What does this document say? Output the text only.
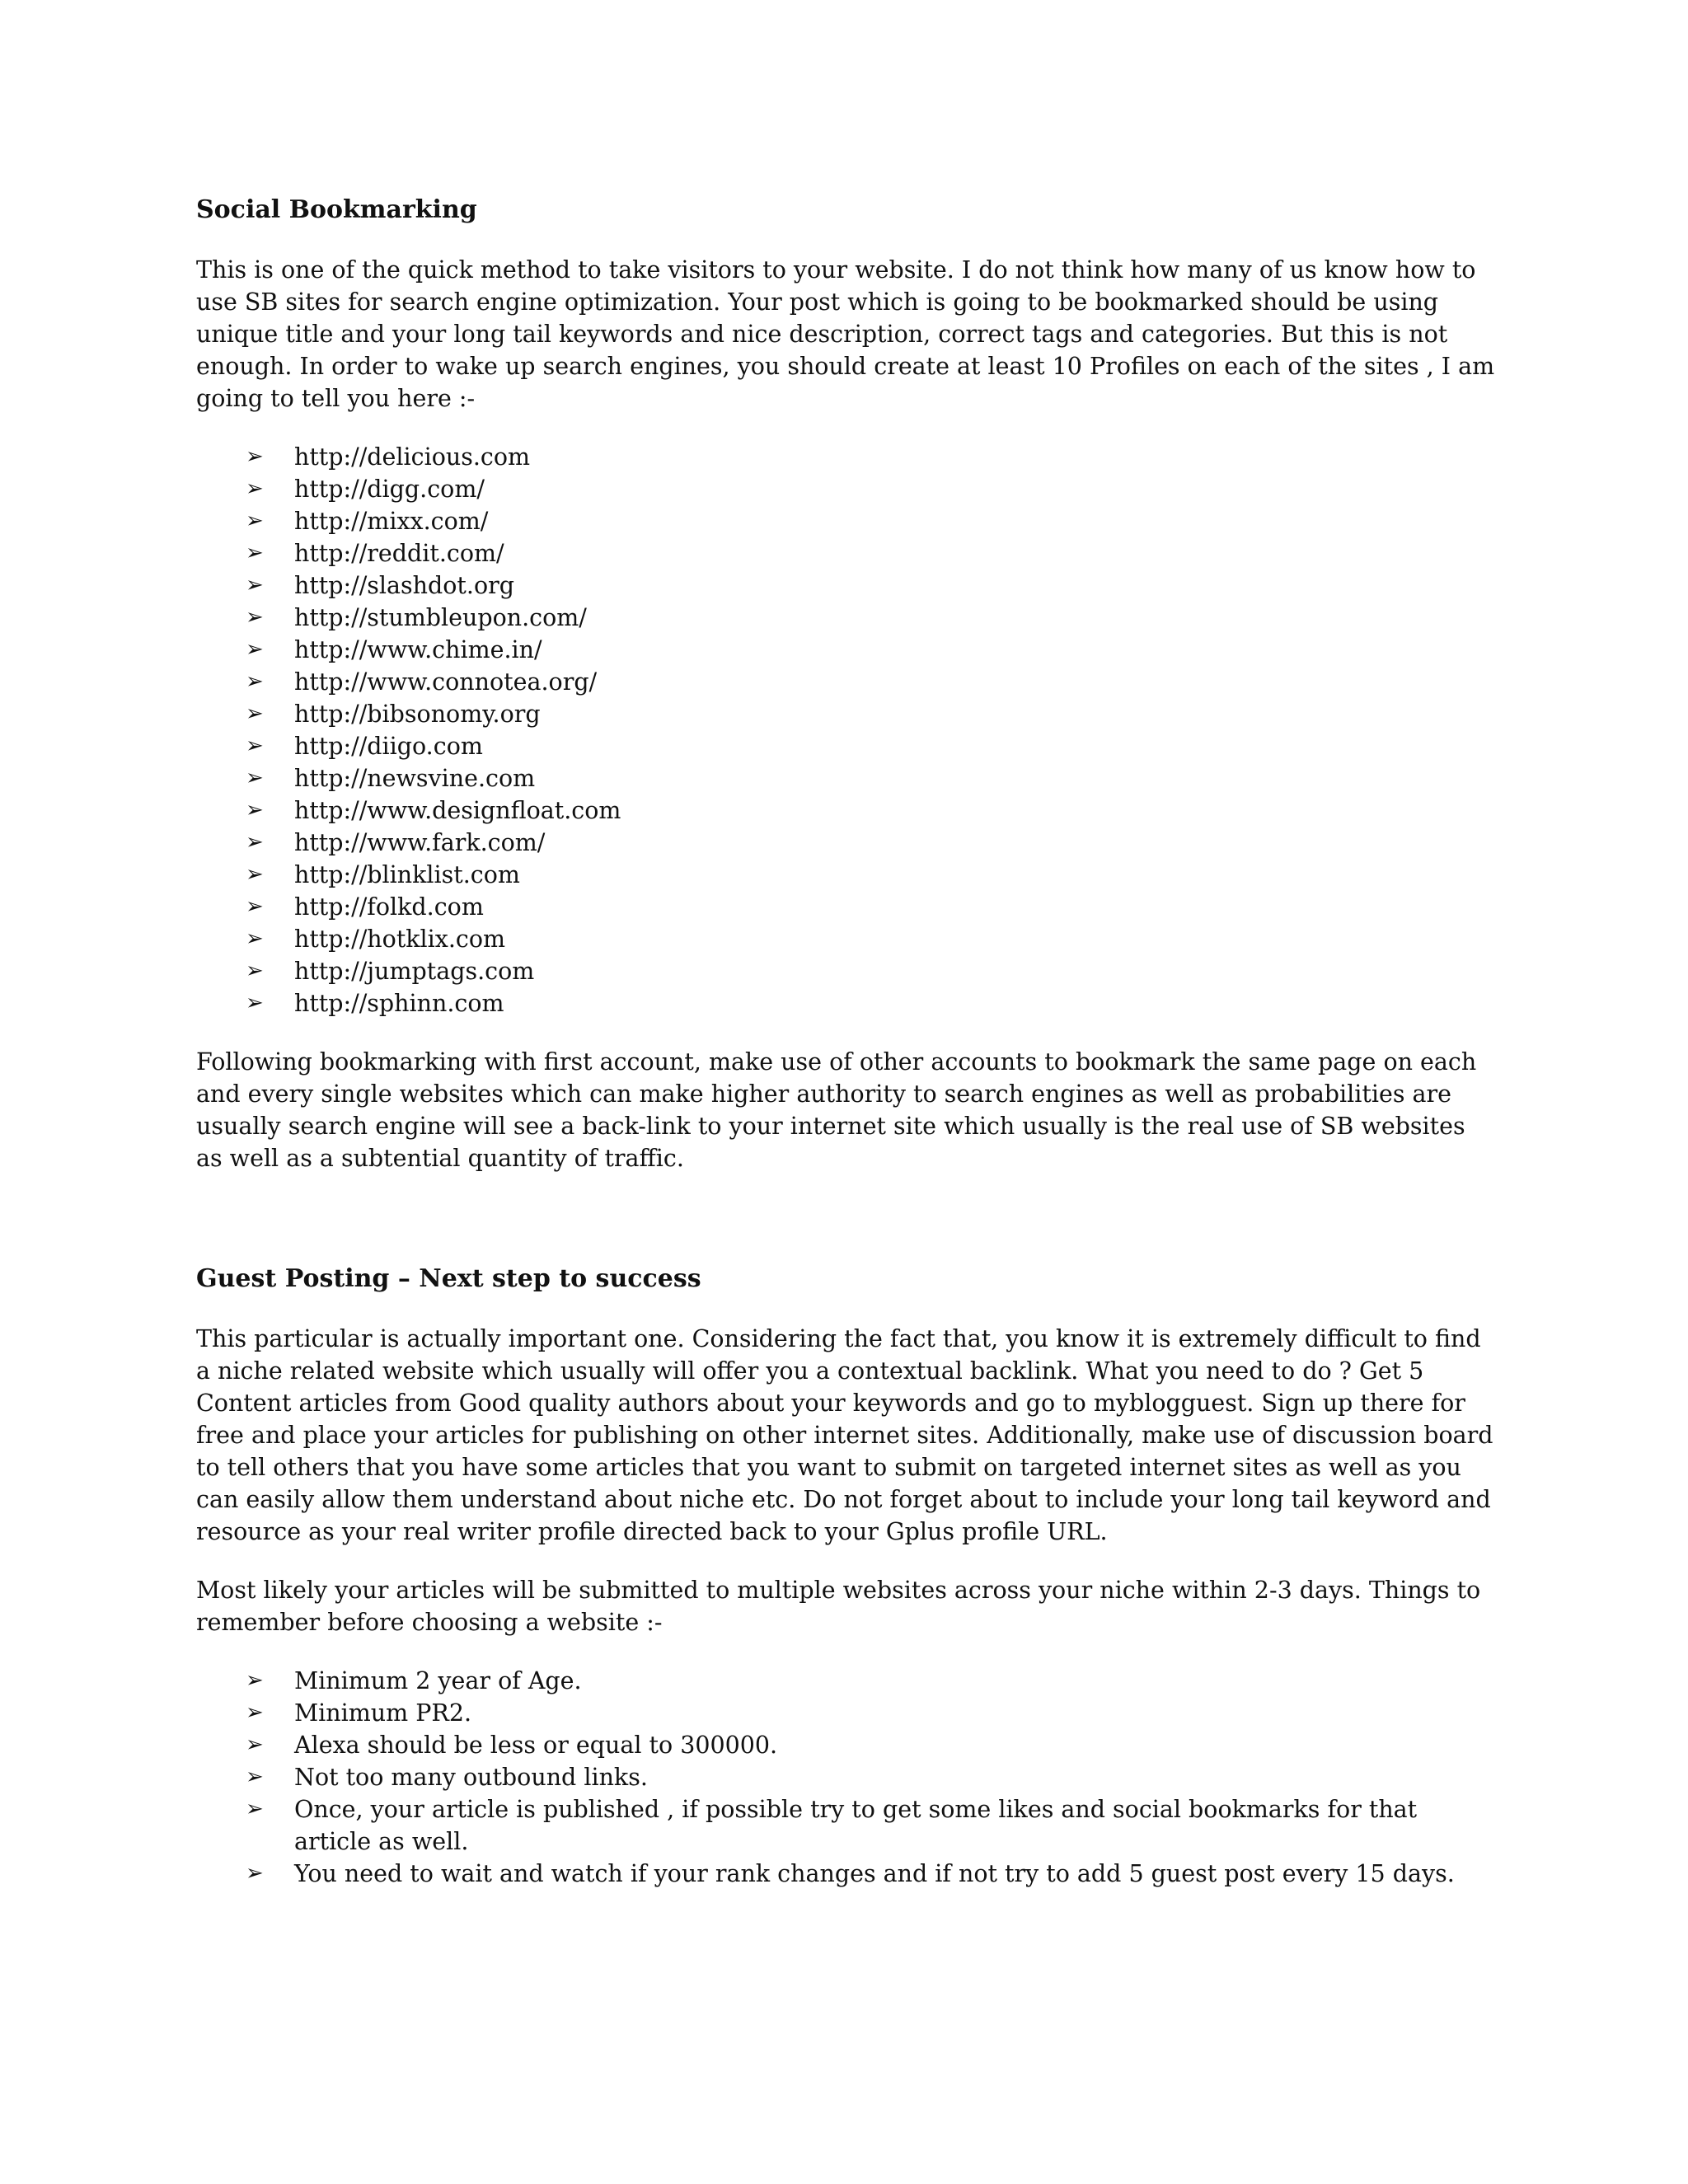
Social Bookmarking

This is one of the quick method to take visitors to your website. I do not think how many of us know how to use SB sites for search engine optimization. Your post which is going to be bookmarked should be using unique title and your long tail keywords and nice description, correct tags and categories. But this is not enough. In order to wake up search engines, you should create at least 10 Profiles on each of the sites , I am going to tell you here :-

➢ http://delicious.com
➢ http://digg.com/
➢ http://mixx.com/
➢ http://reddit.com/
➢ http://slashdot.org
➢ http://stumbleupon.com/
➢ http://www.chime.in/
➢ http://www.connotea.org/
➢ http://bibsonomy.org
➢ http://diigo.com
➢ http://newsvine.com
➢ http://www.designfloat.com
➢ http://www.fark.com/
➢ http://blinklist.com
➢ http://folkd.com
➢ http://hotklix.com
➢ http://jumptags.com
➢ http://sphinn.com

Following bookmarking with first account, make use of other accounts to bookmark the same page on each and every single websites which can make higher authority to search engines as well as probabilities are usually search engine will see a back-link to your internet site which usually is the real use of SB websites as well as a subtential quantity of traffic.

Guest Posting – Next step to success

This particular is actually important one. Considering the fact that, you know it is extremely difficult to find a niche related website which usually will offer you a contextual backlink. What you need to do ? Get 5 Content articles from Good quality authors about your keywords and go to myblogguest. Sign up there for free and place your articles for publishing on other internet sites. Additionally, make use of discussion board to tell others that you have some articles that you want to submit on targeted internet sites as well as you can easily allow them understand about niche etc. Do not forget about to include your long tail keyword and resource as your real writer profile directed back to your Gplus profile URL.

Most likely your articles will be submitted to multiple websites across your niche within 2-3 days. Things to remember before choosing a website :-

➢ Minimum 2 year of Age.
➢ Minimum PR2.
➢ Alexa should be less or equal to 300000.
➢ Not too many outbound links.
➢ Once, your article is published , if possible try to get some likes and social bookmarks for that article as well.
➢ You need to wait and watch if your rank changes and if not try to add 5 guest post every 15 days.
